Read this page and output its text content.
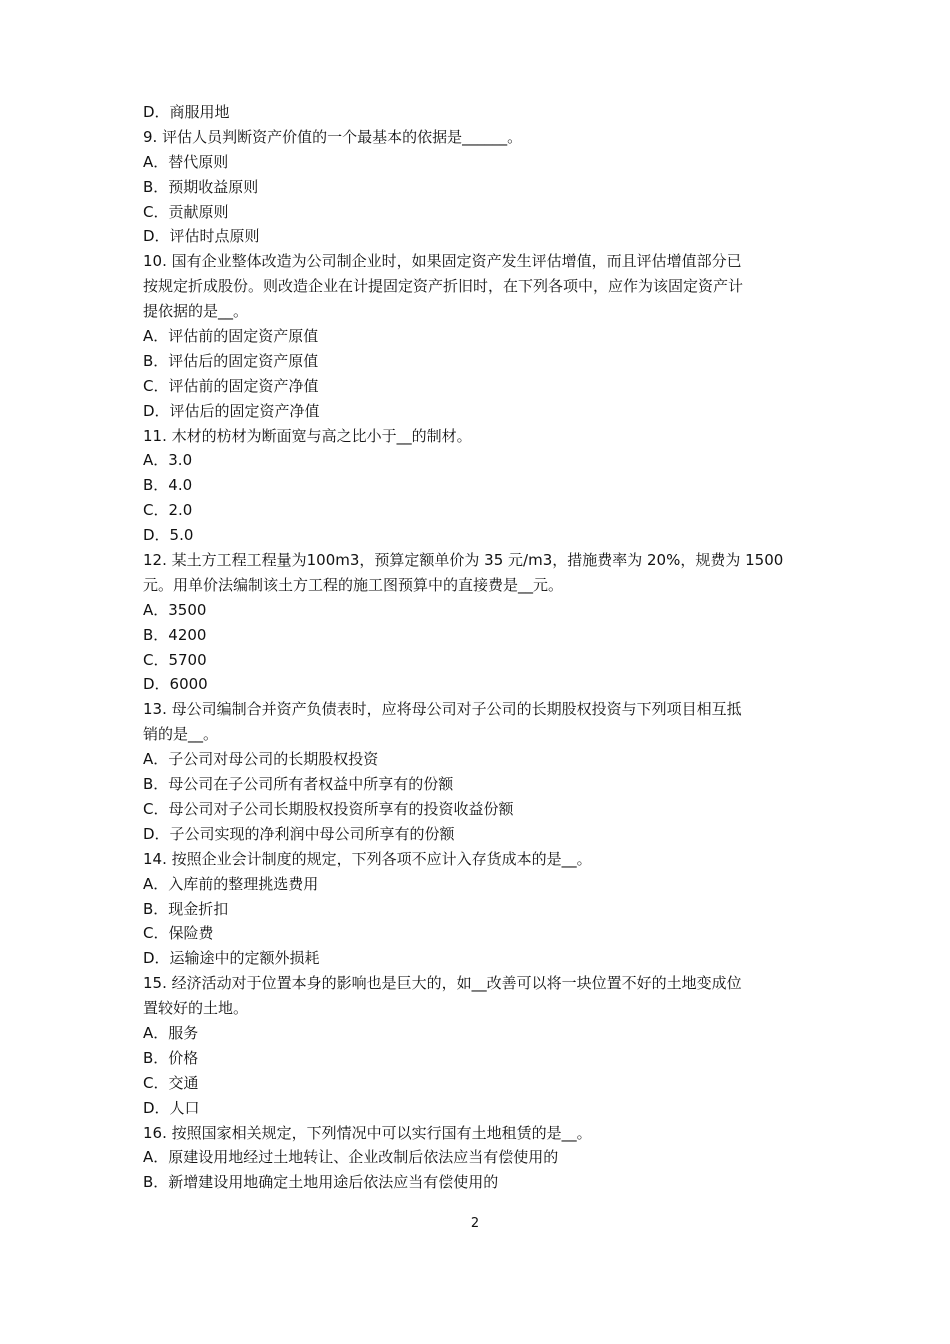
D．商服用地
9. 评估人员判断资产价值的一个最基本的依据是______。
A．替代原则
B．预期收益原则
C．贡献原则
D．评估时点原则
10. 国有企业整体改造为公司制企业时，如果固定资产发生评估增值，而且评估增值部分已
按规定折成股份。则改造企业在计提固定资产折旧时，在下列各项中，应作为该固定资产计
提依据的是__。
A．评估前的固定资产原值
B．评估后的固定资产原值
C．评估前的固定资产净值
D．评估后的固定资产净值
11. 木材的枋材为断面宽与高之比小于__的制材。
A．3.0
B．4.0
C．2.0
D．5.0
12. 某土方工程工程量为100m3，预算定额单价为 35 元/m3，措施费率为 20%，规费为 1500
元。用单价法编制该土方工程的施工图预算中的直接费是__元。
A．3500
B．4200
C．5700
D．6000
13. 母公司编制合并资产负债表时，应将母公司对子公司的长期股权投资与下列项目相互抵
销的是__。
A．子公司对母公司的长期股权投资
B．母公司在子公司所有者权益中所享有的份额
C．母公司对子公司长期股权投资所享有的投资收益份额
D．子公司实现的净利润中母公司所享有的份额
14. 按照企业会计制度的规定，下列各项不应计入存货成本的是__。
A．入库前的整理挑选费用
B．现金折扣
C．保险费
D．运输途中的定额外损耗
15. 经济活动对于位置本身的影响也是巨大的，如__改善可以将一块位置不好的土地变成位
置较好的土地。
A．服务
B．价格
C．交通
D．人口
16. 按照国家相关规定，下列情况中可以实行国有土地租赁的是__。
A．原建设用地经过土地转让、企业改制后依法应当有偿使用的
B．新增建设用地确定土地用途后依法应当有偿使用的
2
